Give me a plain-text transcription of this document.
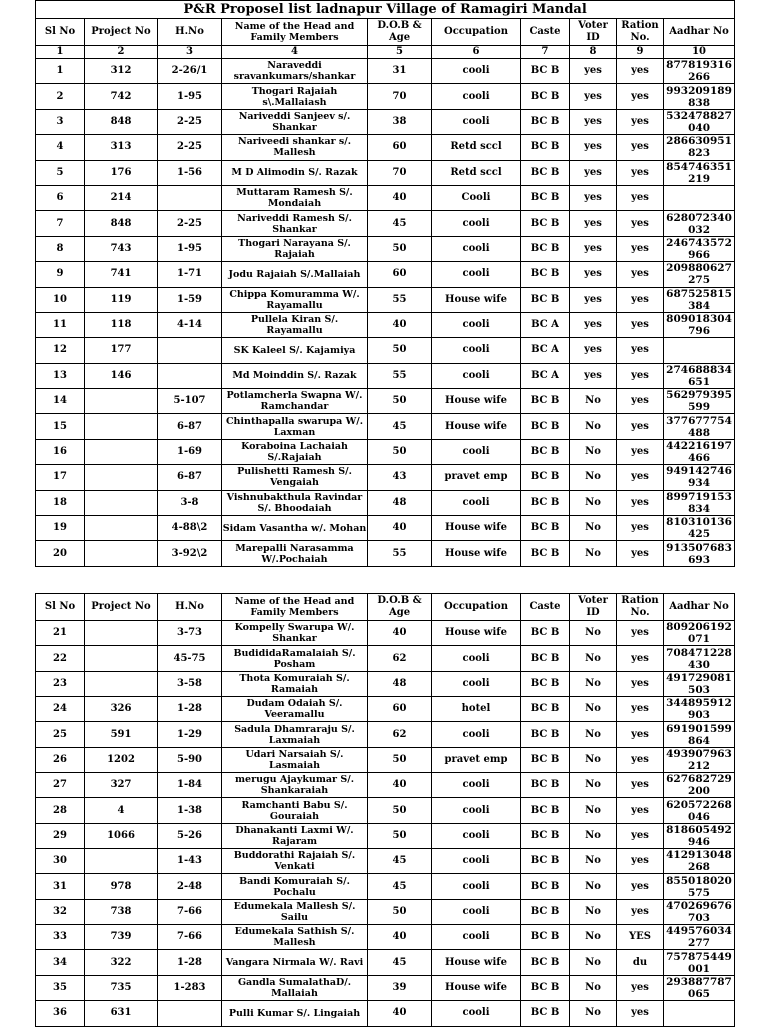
P&R Proposel list ladnapur Village of Ramagiri Mandal									
Sl No	Project No	H.No	Name of the Head and Family Members	D.O.B & Age	Occupation	Caste	Voter ID	Ration No.	Aadhar No
1	2	3	4	5	6	7	8	9	10
1	312	2-26/1	Naraveddi sravankumars/shankar	31	cooli	BC B	yes	yes	877819316 266
2	742	1-95	Thogari Rajaiah s\.Mallaiash	70	cooli	BC B	yes	yes	993209189 838
3	848	2-25	Nariveddi Sanjeev s/. Shankar	38	cooli	BC B	yes	yes	532478827 040
4	313	2-25	Nariveedi shankar s/. Mallesh	60	Retd sccl	BC B	yes	yes	286630951 823
5	176	1-56	M D Alimodin S/. Razak	70	Retd sccl	BC B	yes	yes	854746351 219
6	214		Muttaram Ramesh S/. Mondaiah	40	Cooli	BC B	yes	yes	
7	848	2-25	Nariveddi Ramesh S/. Shankar	45	cooli	BC B	yes	yes	628072340 032
8	743	1-95	Thogari Narayana S/. Rajaiah	50	cooli	BC B	yes	yes	246743572 966
9	741	1-71	Jodu Rajaiah S/.Mallaiah	60	cooli	BC B	yes	yes	209880627 275
10	119	1-59	Chippa Komuramma W/. Rayamallu	55	House wife	BC B	yes	yes	687525815 384
11	118	4-14	Pullela Kiran S/. Rayamallu	40	cooli	BC A	yes	yes	809018304 796
12	177		SK Kaleel S/. Kajamiya	50	cooli	BC A	yes	yes	
13	146		Md Moinddin S/. Razak	55	cooli	BC A	yes	yes	274688834 651
14		5-107	Potlamcherla Swapna W/. Ramchandar	50	House wife	BC B	No	yes	562979395 599
15		6-87	Chinthapalla swarupa W/. Laxman	45	House wife	BC B	No	yes	377677754 488
16		1-69	Koraboina Lachaiah S/.Rajaiah	50	cooli	BC B	No	yes	442216197 466
17		6-87	Pulishetti Ramesh S/. Vengaiah	43	pravet emp	BC B	No	yes	949142746 934
18		3-8	Vishnubakthula Ravindar S/. Bhoodaiah	48	cooli	BC B	No	yes	899719153 834
19		4-88\2	Sidam Vasantha w/. Mohan	40	House wife	BC B	No	yes	810310136 425
20		3-92\2	Marepalli Narasamma W/.Pochaiah	55	House wife	BC B	No	yes	913507683 693
Sl No	Project No	H.No	Name of the Head and Family Members	D.O.B & Age	Occupation	Caste	Voter ID	Ration No.	Aadhar No
21		3-73	Kompelly Swarupa W/. Shankar	40	House wife	BC B	No	yes	809206192 071
22		45-75	BudididaRamalaiah S/. Posham	62	cooli	BC B	No	yes	708471228 430
23		3-58	Thota Komuraiah S/. Ramaiah	48	cooli	BC B	No	yes	491729081 503
24	326	1-28	Dudam Odaiah S/. Veeramallu	60	hotel	BC B	No	yes	344895912 903
25	591	1-29	Sadula Dhamraraju S/. Laxmaiah	62	cooli	BC B	No	yes	691901599 864
26	1202	5-90	Udari Narsaiah S/. Lasmaiah	50	pravet emp	BC B	No	yes	493907963 212
27	327	1-84	merugu Ajaykumar S/. Shankaraiah	40	cooli	BC B	No	yes	627682729 200
28	4	1-38	Ramchanti Babu S/. Gouraiah	50	cooli	BC B	No	yes	620572268 046
29	1066	5-26	Dhanakanti Laxmi W/. Rajaram	50	cooli	BC B	No	yes	818605492 946
30		1-43	Buddorathi Rajaiah S/. Venkati	45	cooli	BC B	No	yes	412913048 268
31	978	2-48	Bandi Komuraiah S/. Pochalu	45	cooli	BC B	No	yes	855018020 575
32	738	7-66	Edumekala Mallesh S/. Sailu	50	cooli	BC B	No	yes	470269676 703
33	739	7-66	Edumekala Sathish S/. Mallesh	40	cooli	BC B	No	YES	449576034 277
34	322	1-28	Vangara Nirmala W/. Ravi	45	House wife	BC B	No	du	757875449 001
35	735	1-283	Gandla SumalathaD/. Mallaiah	39	House wife	BC B	No	yes	293887787 065
36	631		Pulli Kumar S/. Lingaiah	40	cooli	BC B	No	yes	
